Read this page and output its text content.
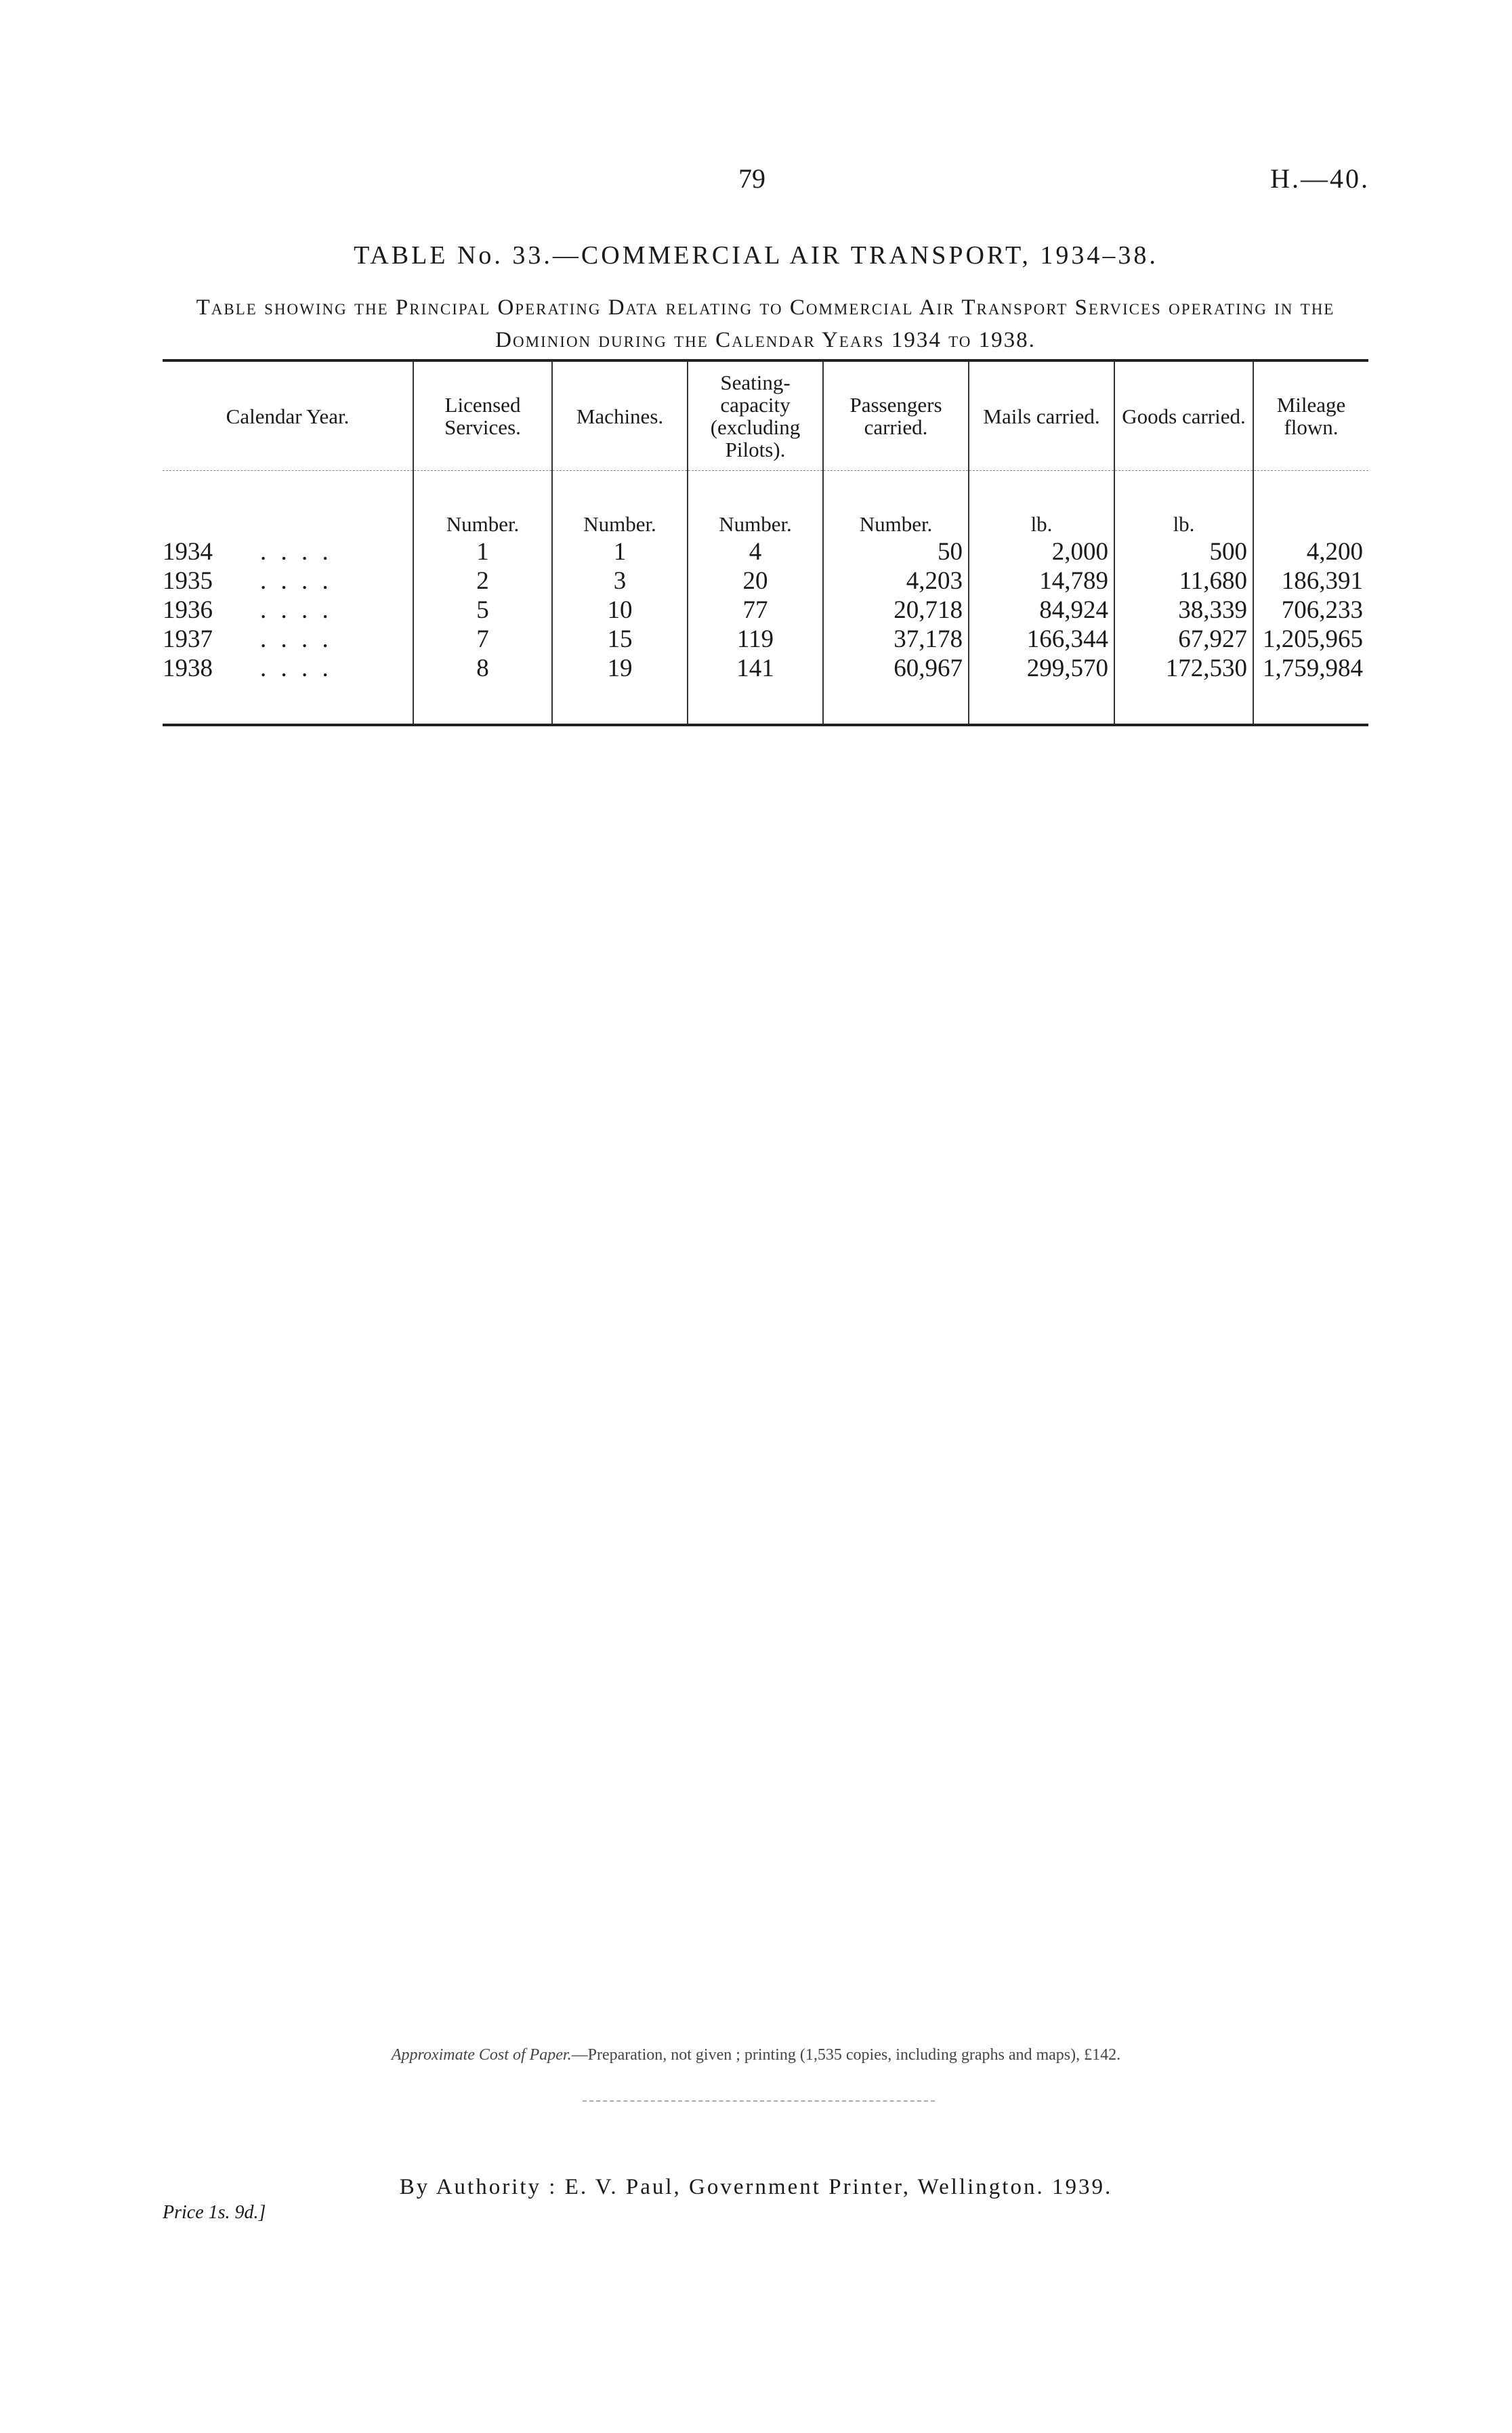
79	H.—40.
TABLE No. 33.—COMMERCIAL AIR TRANSPORT, 1934–38.
Table showing the Principal Operating Data relating to Commercial Air Transport Services operating in the Dominion during the Calendar Years 1934 to 1938.
Calendar Year.	Licensed Services.	Machines.	Seating-capacity (excluding Pilots).	Passengers carried.	Mails carried.	Goods carried.	Mileage flown.

	Number.	Number.	Number.	Number.	lb.	lb.	
1934 . . . .	1	1	4	50	2,000	500	4,200
1935 . . . .	2	3	20	4,203	14,789	11,680	186,391
1936 . . . .	5	10	77	20,718	84,924	38,339	706,233
1937 . . . .	7	15	119	37,178	166,344	67,927	1,205,965
1938 . . . .	8	19	141	60,967	299,570	172,530	1,759,984

Approximate Cost of Paper.—Preparation, not given ; printing (1,535 copies, including graphs and maps), £142.
By Authority : E. V. Paul, Government Printer, Wellington. 1939.
Price 1s. 9d.]
